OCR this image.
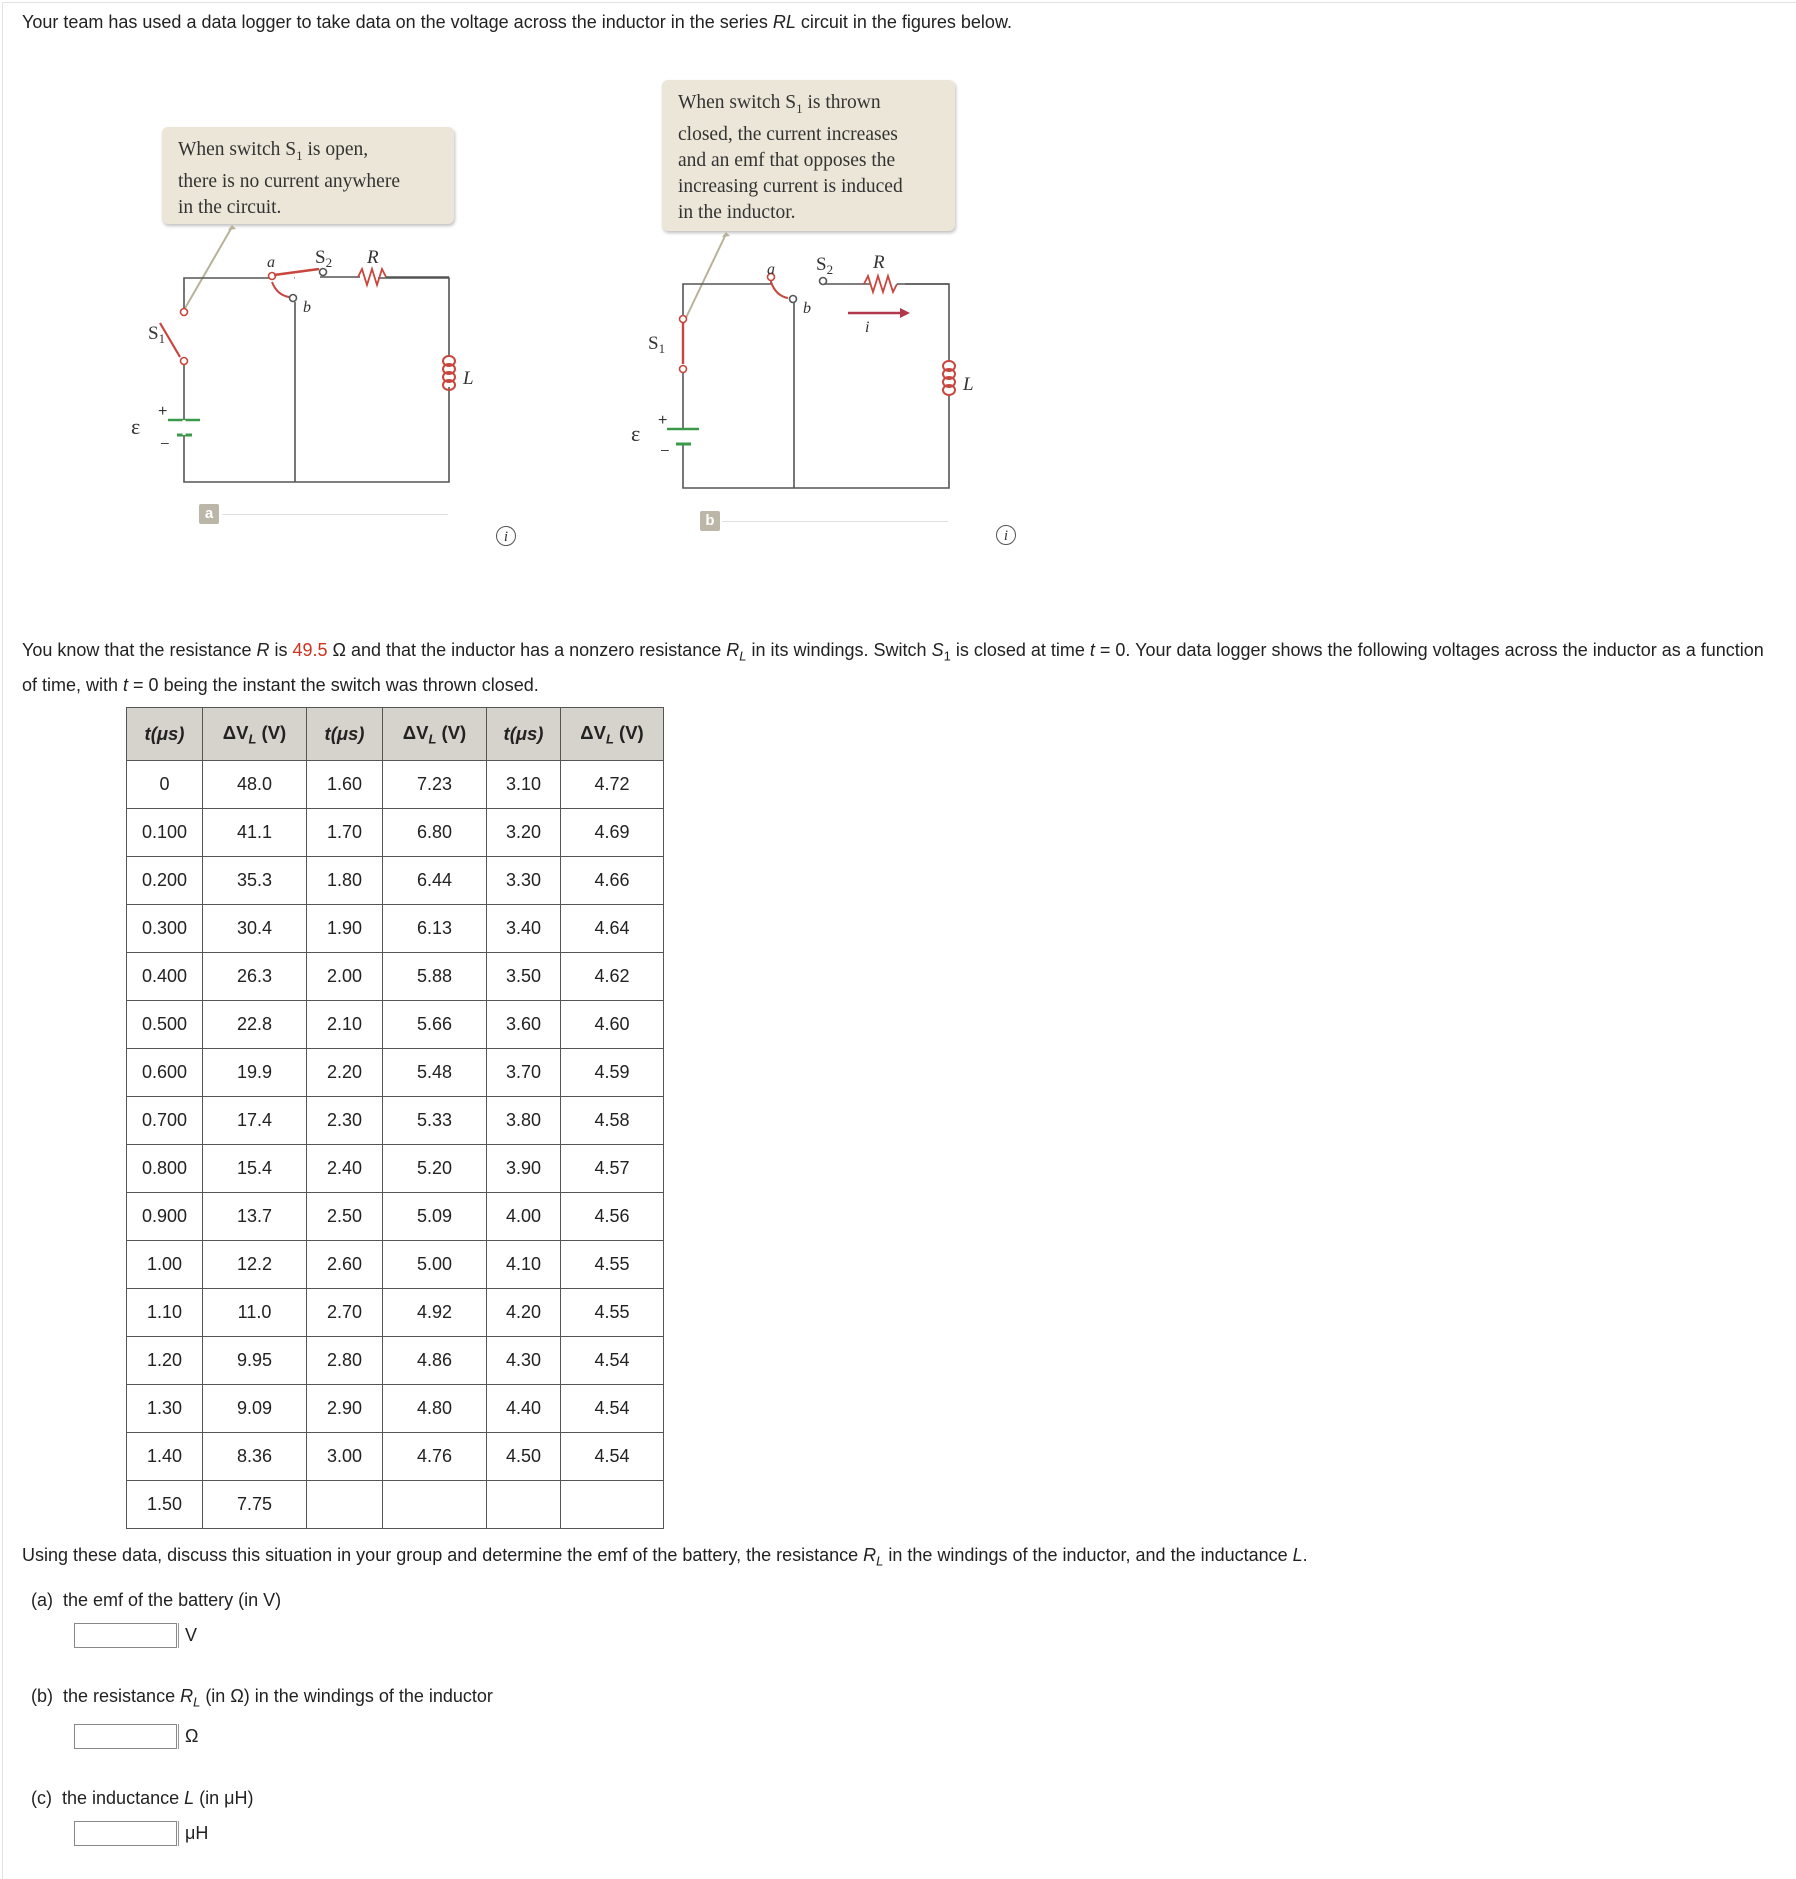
Your team has used a data logger to take data on the voltage across the inductor in the series RL circuit in the figures below.
When switch $S_1$ is open,
there is no current anywhere
in the circuit.
a
b
$S_2$ R
L
$S_1$
ε
+
–
a
i
When switch $S_1$ is thrown
closed, the current increases
and an emf that opposes the
increasing current is induced
in the inductor.
a
b
$S_2$ R
i
L
$S_1$
ε
+
–
b
i
You know that the resistance R is 49.5 Ω and that the inductor has a nonzero resistance $R_L$ in its windings. Switch $S_1$ is closed at time t = 0. Your data logger shows the following voltages across the inductor as a function of time, with t = 0 being the instant the switch was thrown closed.
t(μs)	$\Delta V_L$ (V)	t(μs)	$\Delta V_L$ (V)	t(μs)	$\Delta V_L$ (V)
0	48.0	1.60	7.23	3.10	4.72
0.100	41.1	1.70	6.80	3.20	4.69
0.200	35.3	1.80	6.44	3.30	4.66
0.300	30.4	1.90	6.13	3.40	4.64
0.400	26.3	2.00	5.88	3.50	4.62
0.500	22.8	2.10	5.66	3.60	4.60
0.600	19.9	2.20	5.48	3.70	4.59
0.700	17.4	2.30	5.33	3.80	4.58
0.800	15.4	2.40	5.20	3.90	4.57
0.900	13.7	2.50	5.09	4.00	4.56
1.00	12.2	2.60	5.00	4.10	4.55
1.10	11.0	2.70	4.92	4.20	4.55
1.20	9.95	2.80	4.86	4.30	4.54
1.30	9.09	2.90	4.80	4.40	4.54
1.40	8.36	3.00	4.76	4.50	4.54
1.50	7.75				
Using these data, discuss this situation in your group and determine the emf of the battery, the resistance $R_L$ in the windings of the inductor, and the inductance L.
(a) the emf of the battery (in V)
V
(b) the resistance $R_L$ (in Ω) in the windings of the inductor
Ω
(c) the inductance L (in μH)
μH
